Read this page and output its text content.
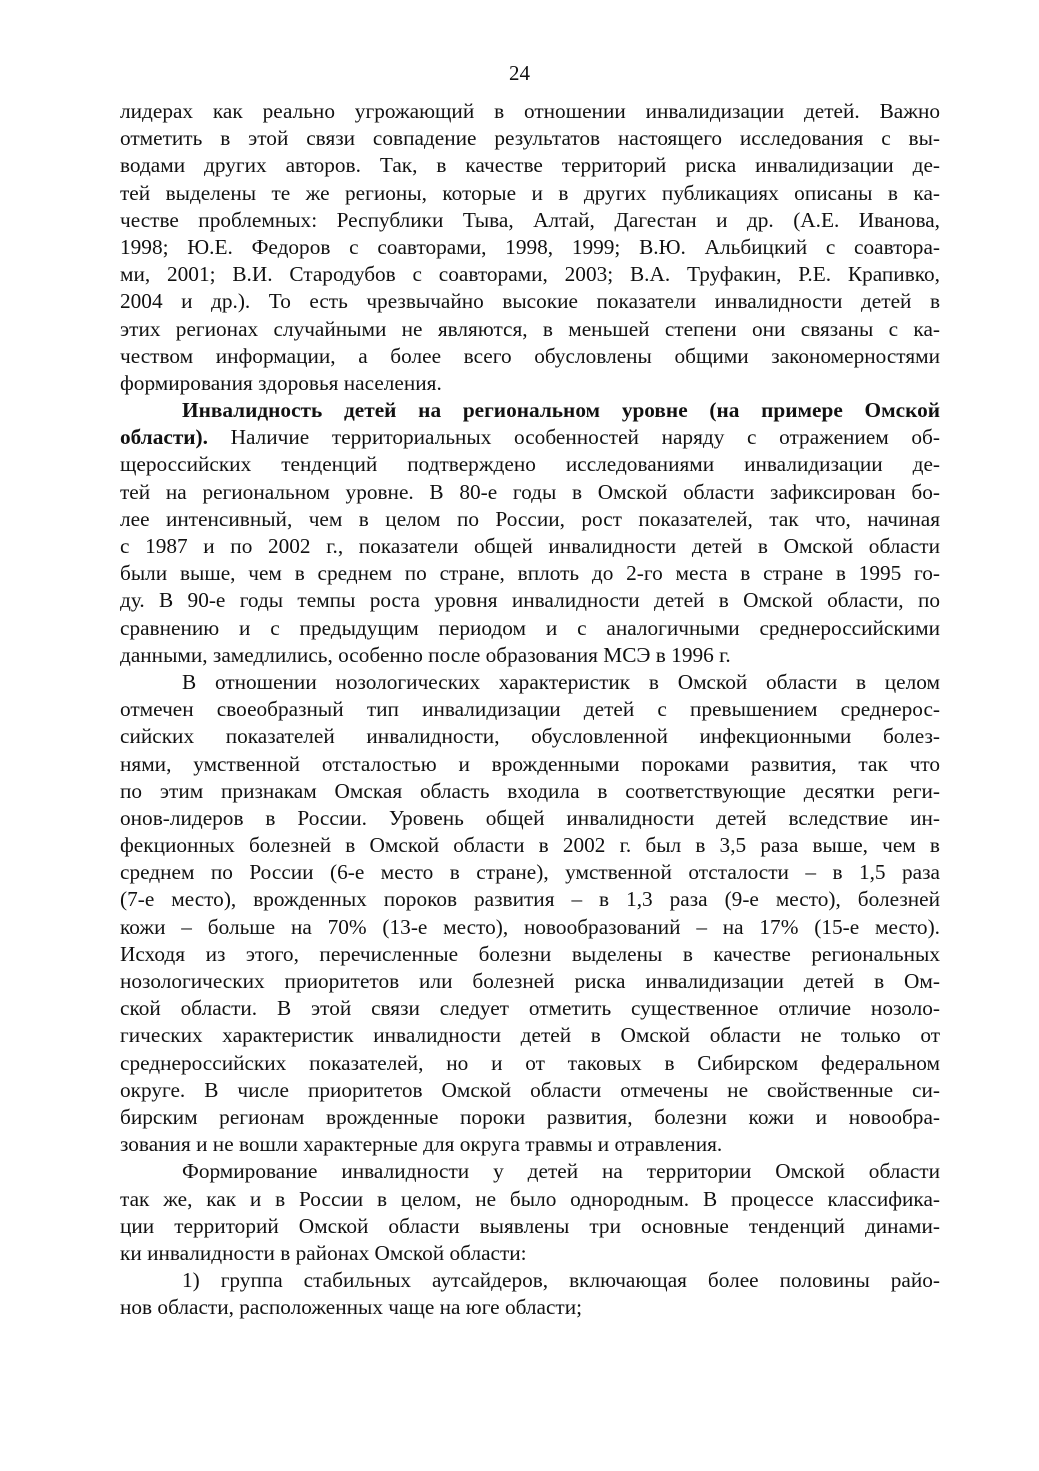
24
лидерах как реально угрожающий в отношении инвалидизации детей. Важно
отметить в этой связи совпадение результатов настоящего исследования с вы-
водами других авторов. Так, в качестве территорий риска инвалидизации де-
тей выделены те же регионы, которые и в других публикациях описаны в ка-
честве проблемных: Республики Тыва, Алтай, Дагестан и др. (А.Е. Иванова,
1998; Ю.Е. Федоров с соавторами, 1998, 1999; В.Ю. Альбицкий с соавтора-
ми, 2001; В.И. Стародубов с соавторами, 2003; В.А. Труфакин, Р.Е. Крапивко,
2004 и др.). То есть чрезвычайно высокие показатели инвалидности детей в
этих регионах случайными не являются, в меньшей степени они связаны с ка-
чеством информации, а более всего обусловлены общими закономерностями
формирования здоровья населения.
Инвалидность детей на региональном уровне (на примере Омской
области). Наличие территориальных особенностей наряду с отражением об-
щероссийских тенденций подтверждено исследованиями инвалидизации де-
тей на региональном уровне. В 80-е годы в Омской области зафиксирован бо-
лее интенсивный, чем в целом по России, рост показателей, так что, начиная
с 1987 и по 2002 г., показатели общей инвалидности детей в Омской области
были выше, чем в среднем по стране, вплоть до 2-го места в стране в 1995 го-
ду. В 90-е годы темпы роста уровня инвалидности детей в Омской области, по
сравнению и с предыдущим периодом и с аналогичными среднероссийскими
данными, замедлились, особенно после образования МСЭ в 1996 г.
В отношении нозологических характеристик в Омской области в целом
отмечен своеобразный тип инвалидизации детей с превышением среднерос-
сийских показателей инвалидности, обусловленной инфекционными болез-
нями, умственной отсталостью и врожденными пороками развития, так что
по этим признакам Омская область входила в соответствующие десятки реги-
онов-лидеров в России. Уровень общей инвалидности детей вследствие ин-
фекционных болезней в Омской области в 2002 г. был в 3,5 раза выше, чем в
среднем по России (6-е место в стране), умственной отсталости – в 1,5 раза
(7-е место), врожденных пороков развития – в 1,3 раза (9-е место), болезней
кожи – больше на 70% (13-е место), новообразований – на 17% (15-е место).
Исходя из этого, перечисленные болезни выделены в качестве региональных
нозологических приоритетов или болезней риска инвалидизации детей в Ом-
ской области. В этой связи следует отметить существенное отличие нозоло-
гических характеристик инвалидности детей в Омской области не только от
среднероссийских показателей, но и от таковых в Сибирском федеральном
округе. В числе приоритетов Омской области отмечены не свойственные си-
бирским регионам врожденные пороки развития, болезни кожи и новообра-
зования и не вошли характерные для округа травмы и отравления.
Формирование инвалидности у детей на территории Омской области
так же, как и в России в целом, не было однородным. В процессе классифика-
ции территорий Омской области выявлены три основные тенденций динами-
ки инвалидности в районах Омской области:
1) группа стабильных аутсайдеров, включающая более половины райо-
нов области, расположенных чаще на юге области;
